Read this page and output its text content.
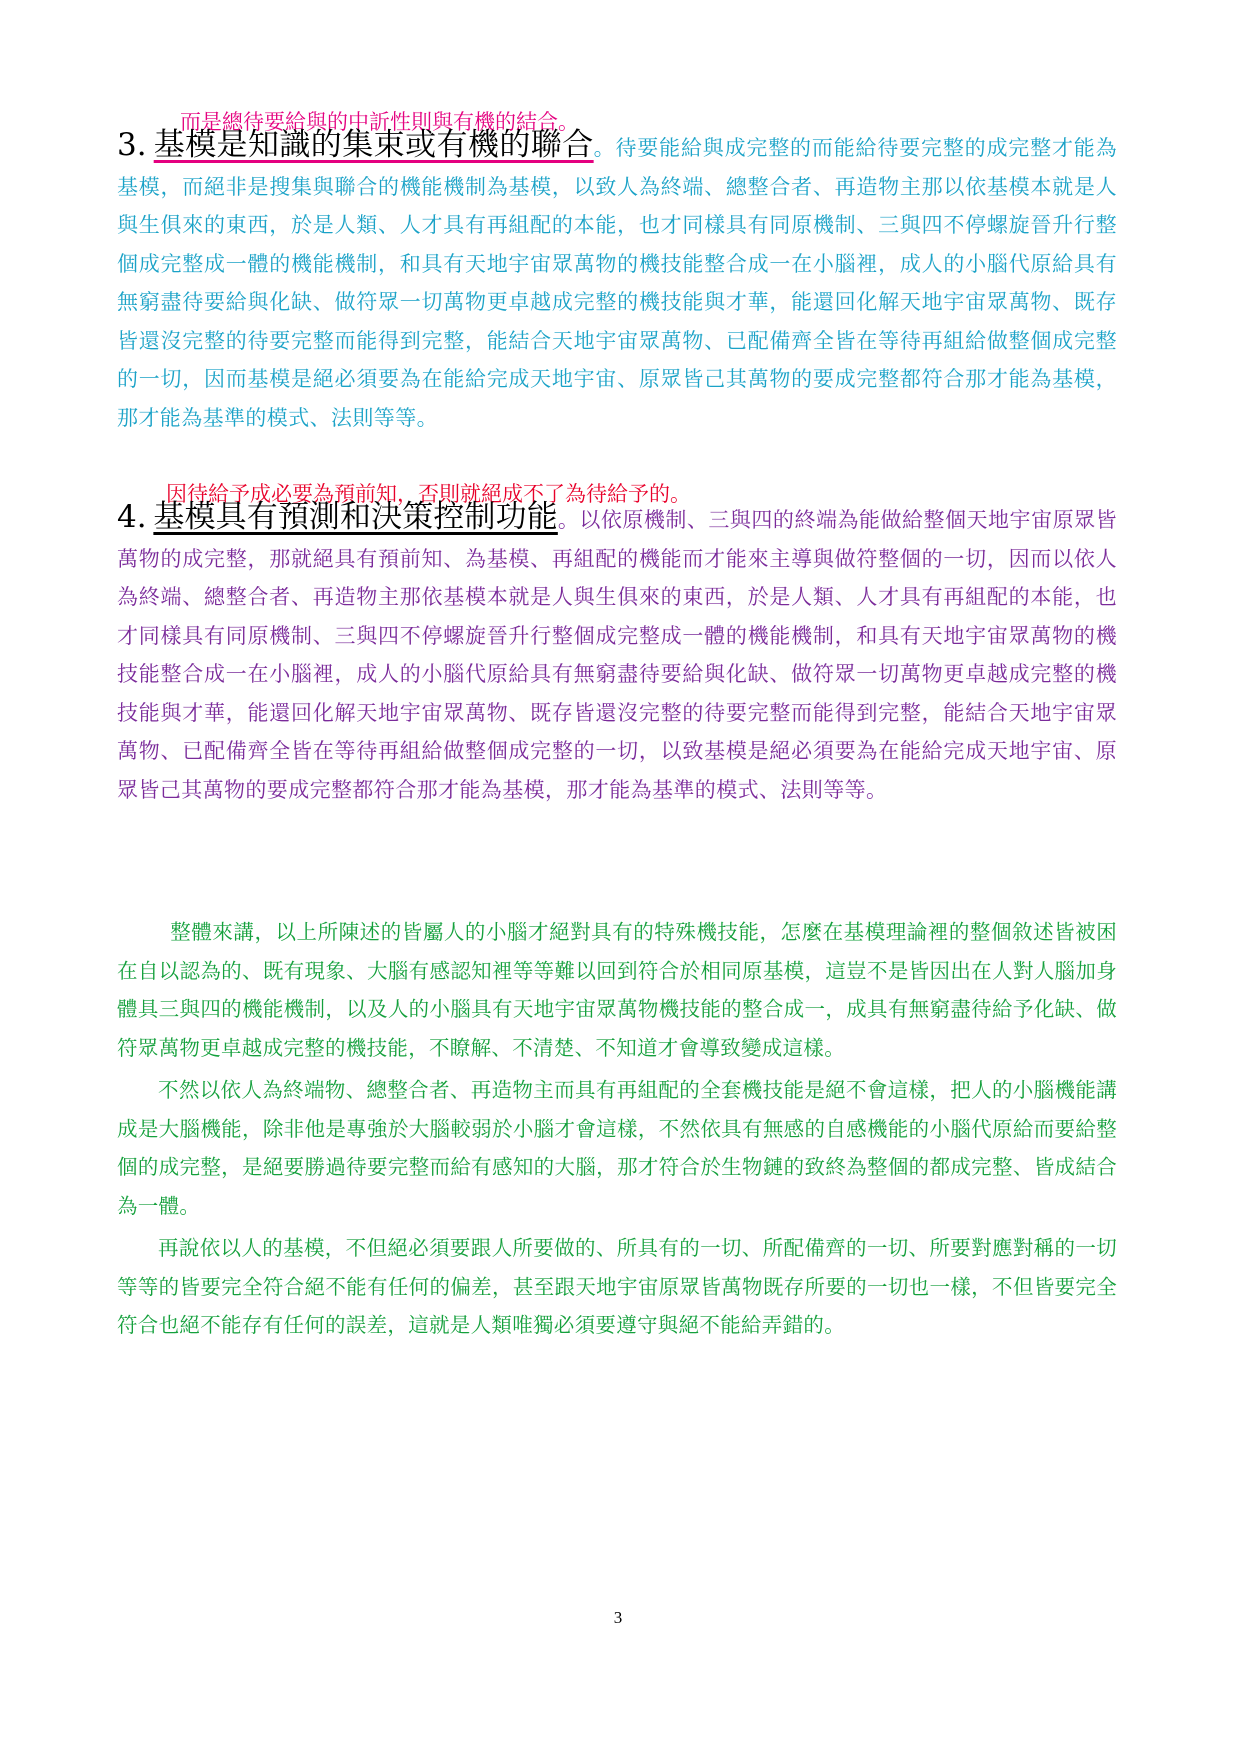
而是總待要給與的中訢性則與有機的結合。

3. 基模是知識的集束或有機的聯合。待要能給與成完整的而能給待要完整的成完整才能為基模，而絕非是搜集與聯合的機能機制為基模，以致人為終端、總整合者、再造物主那以依基模本就是人與生俱來的東西，於是人類、人才具有再組配的本能，也才同樣具有同原機制、三與四不停螺旋晉升行整個成完整成一體的機能機制，和具有天地宇宙眾萬物的機技能整合成一在小腦裡，成人的小腦代原給具有無窮盡待要給與化缺、做符眾一切萬物更卓越成完整的機技能與才華，能還回化解天地宇宙眾萬物、既存皆還沒完整的待要完整而能得到完整，能結合天地宇宙眾萬物、已配備齊全皆在等待再組給做整個成完整的一切，因而基模是絕必須要為在能給完成天地宇宙、原眾皆己其萬物的要成完整都符合那才能為基模，那才能為基準的模式、法則等等。

因待給予成必要為預前知，否則就絕成不了為待給予的。

4. 基模具有預測和決策控制功能。以依原機制、三與四的終端為能做給整個天地宇宙原眾皆萬物的成完整，那就絕具有預前知、為基模、再組配的機能而才能來主導與做符整個的一切，因而以依人為終端、總整合者、再造物主那依基模本就是人與生俱來的東西，於是人類、人才具有再組配的本能，也才同樣具有同原機制、三與四不停螺旋晉升行整個成完整成一體的機能機制，和具有天地宇宙眾萬物的機技能整合成一在小腦裡，成人的小腦代原給具有無窮盡待要給與化缺、做符眾一切萬物更卓越成完整的機技能與才華，能還回化解天地宇宙眾萬物、既存皆還沒完整的待要完整而能得到完整，能結合天地宇宙眾萬物、已配備齊全皆在等待再組給做整個成完整的一切，以致基模是絕必須要為在能給完成天地宇宙、原眾皆己其萬物的要成完整都符合那才能為基模，那才能為基準的模式、法則等等。

整體來講，以上所陳述的皆屬人的小腦才絕對具有的特殊機技能，怎麼在基模理論裡的整個敘述皆被困在自以認為的、既有現象、大腦有感認知裡等等難以回到符合於相同原基模，這豈不是皆因出在人對人腦加身體具三與四的機能機制，以及人的小腦具有天地宇宙眾萬物機技能的整合成一，成具有無窮盡待給予化缺、做符眾萬物更卓越成完整的機技能，不瞭解、不清楚、不知道才會導致變成這樣。

不然以依人為終端物、總整合者、再造物主而具有再組配的全套機技能是絕不會這樣，把人的小腦機能講成是大腦機能，除非他是專強於大腦較弱於小腦才會這樣，不然依具有無感的自感機能的小腦代原給而要給整個的成完整，是絕要勝過待要完整而給有感知的大腦，那才符合於生物鏈的致終為整個的都成完整、皆成結合為一體。

再說依以人的基模，不但絕必須要跟人所要做的、所具有的一切、所配備齊的一切、所要對應對稱的一切等等的皆要完全符合絕不能有任何的偏差，甚至跟天地宇宙原眾皆萬物既存所要的一切也一樣，不但皆要完全符合也絕不能存有任何的誤差，這就是人類唯獨必須要遵守與絕不能給弄錯的。

3
